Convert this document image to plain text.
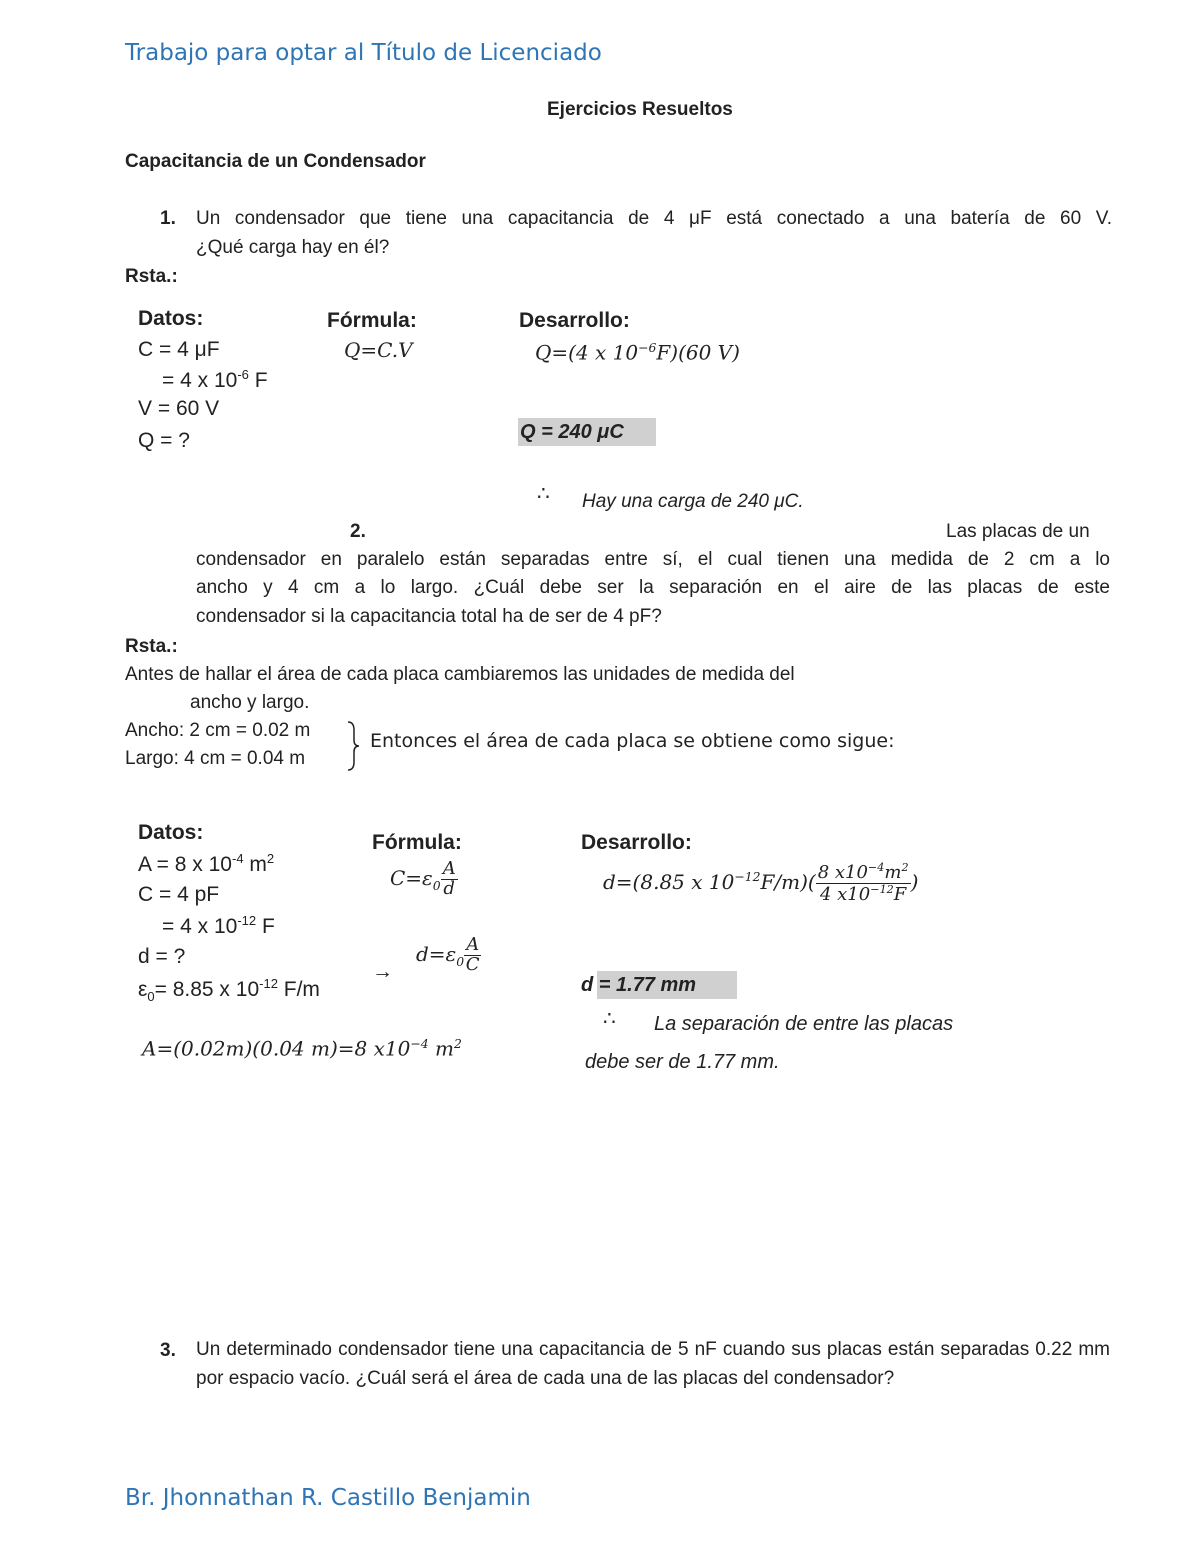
Trabajo para optar al Título de Licenciado
Ejercicios Resueltos
Capacitancia de un Condensador
1. Un condensador que tiene una capacitancia de 4 μF está conectado a una batería de 60 V.
¿Qué carga hay en él?
Rsta.:
Datos:
C = 4 μF
= 4 x $10^{-6}$ F
V = 60 V
Q = ?
Fórmula:
Q=C.V
Desarrollo:
Q=(4 x $10^{-6}F)(60$ V)
Q = 240 μC
∴ Hay una carga de 240 μC.
2.	Las placas de un
condensador en paralelo están separadas entre sí, el cual tienen una medida de 2 cm a lo
ancho y 4 cm a lo largo. ¿Cuál debe ser la separación en el aire de las placas de este
condensador si la capacitancia total ha de ser de 4 pF?
Rsta.:
Antes de hallar el área de cada placa cambiaremos las unidades de medida del
ancho y largo.
Ancho: 2 cm = 0.02 m
Largo: 4 cm = 0.04 m
Entonces el área de cada placa se obtiene como sigue:
Datos:
A = 8 x $10^{-4}$ $m^2$
C = 4 pF
= 4 x $10^{-12}$ F
d = ?
$\varepsilon_0= 8.85$ x $10^{-12}$ F/m
Fórmula:
$C=\varepsilon_0 \frac{A}{d}$
→
$d=\varepsilon_0 \frac{A}{C}$
A=(0.02m)(0.04 m)=8 $x10^{-4}$ $m^2$
Desarrollo:
d=(8.85 x $10^{-12}F/m)( \frac{8 x10^{-4}m^2}{4 x10^{-12}F}$ )
d = 1.77 mm
∴ La separación de entre las placas
debe ser de 1.77 mm.
3. Un determinado condensador tiene una capacitancia de 5 nF cuando sus placas están separadas 0.22 mm por espacio vacío. ¿Cuál será el área de cada una de las placas del condensador?
Br. Jhonnathan R. Castillo Benjamin
